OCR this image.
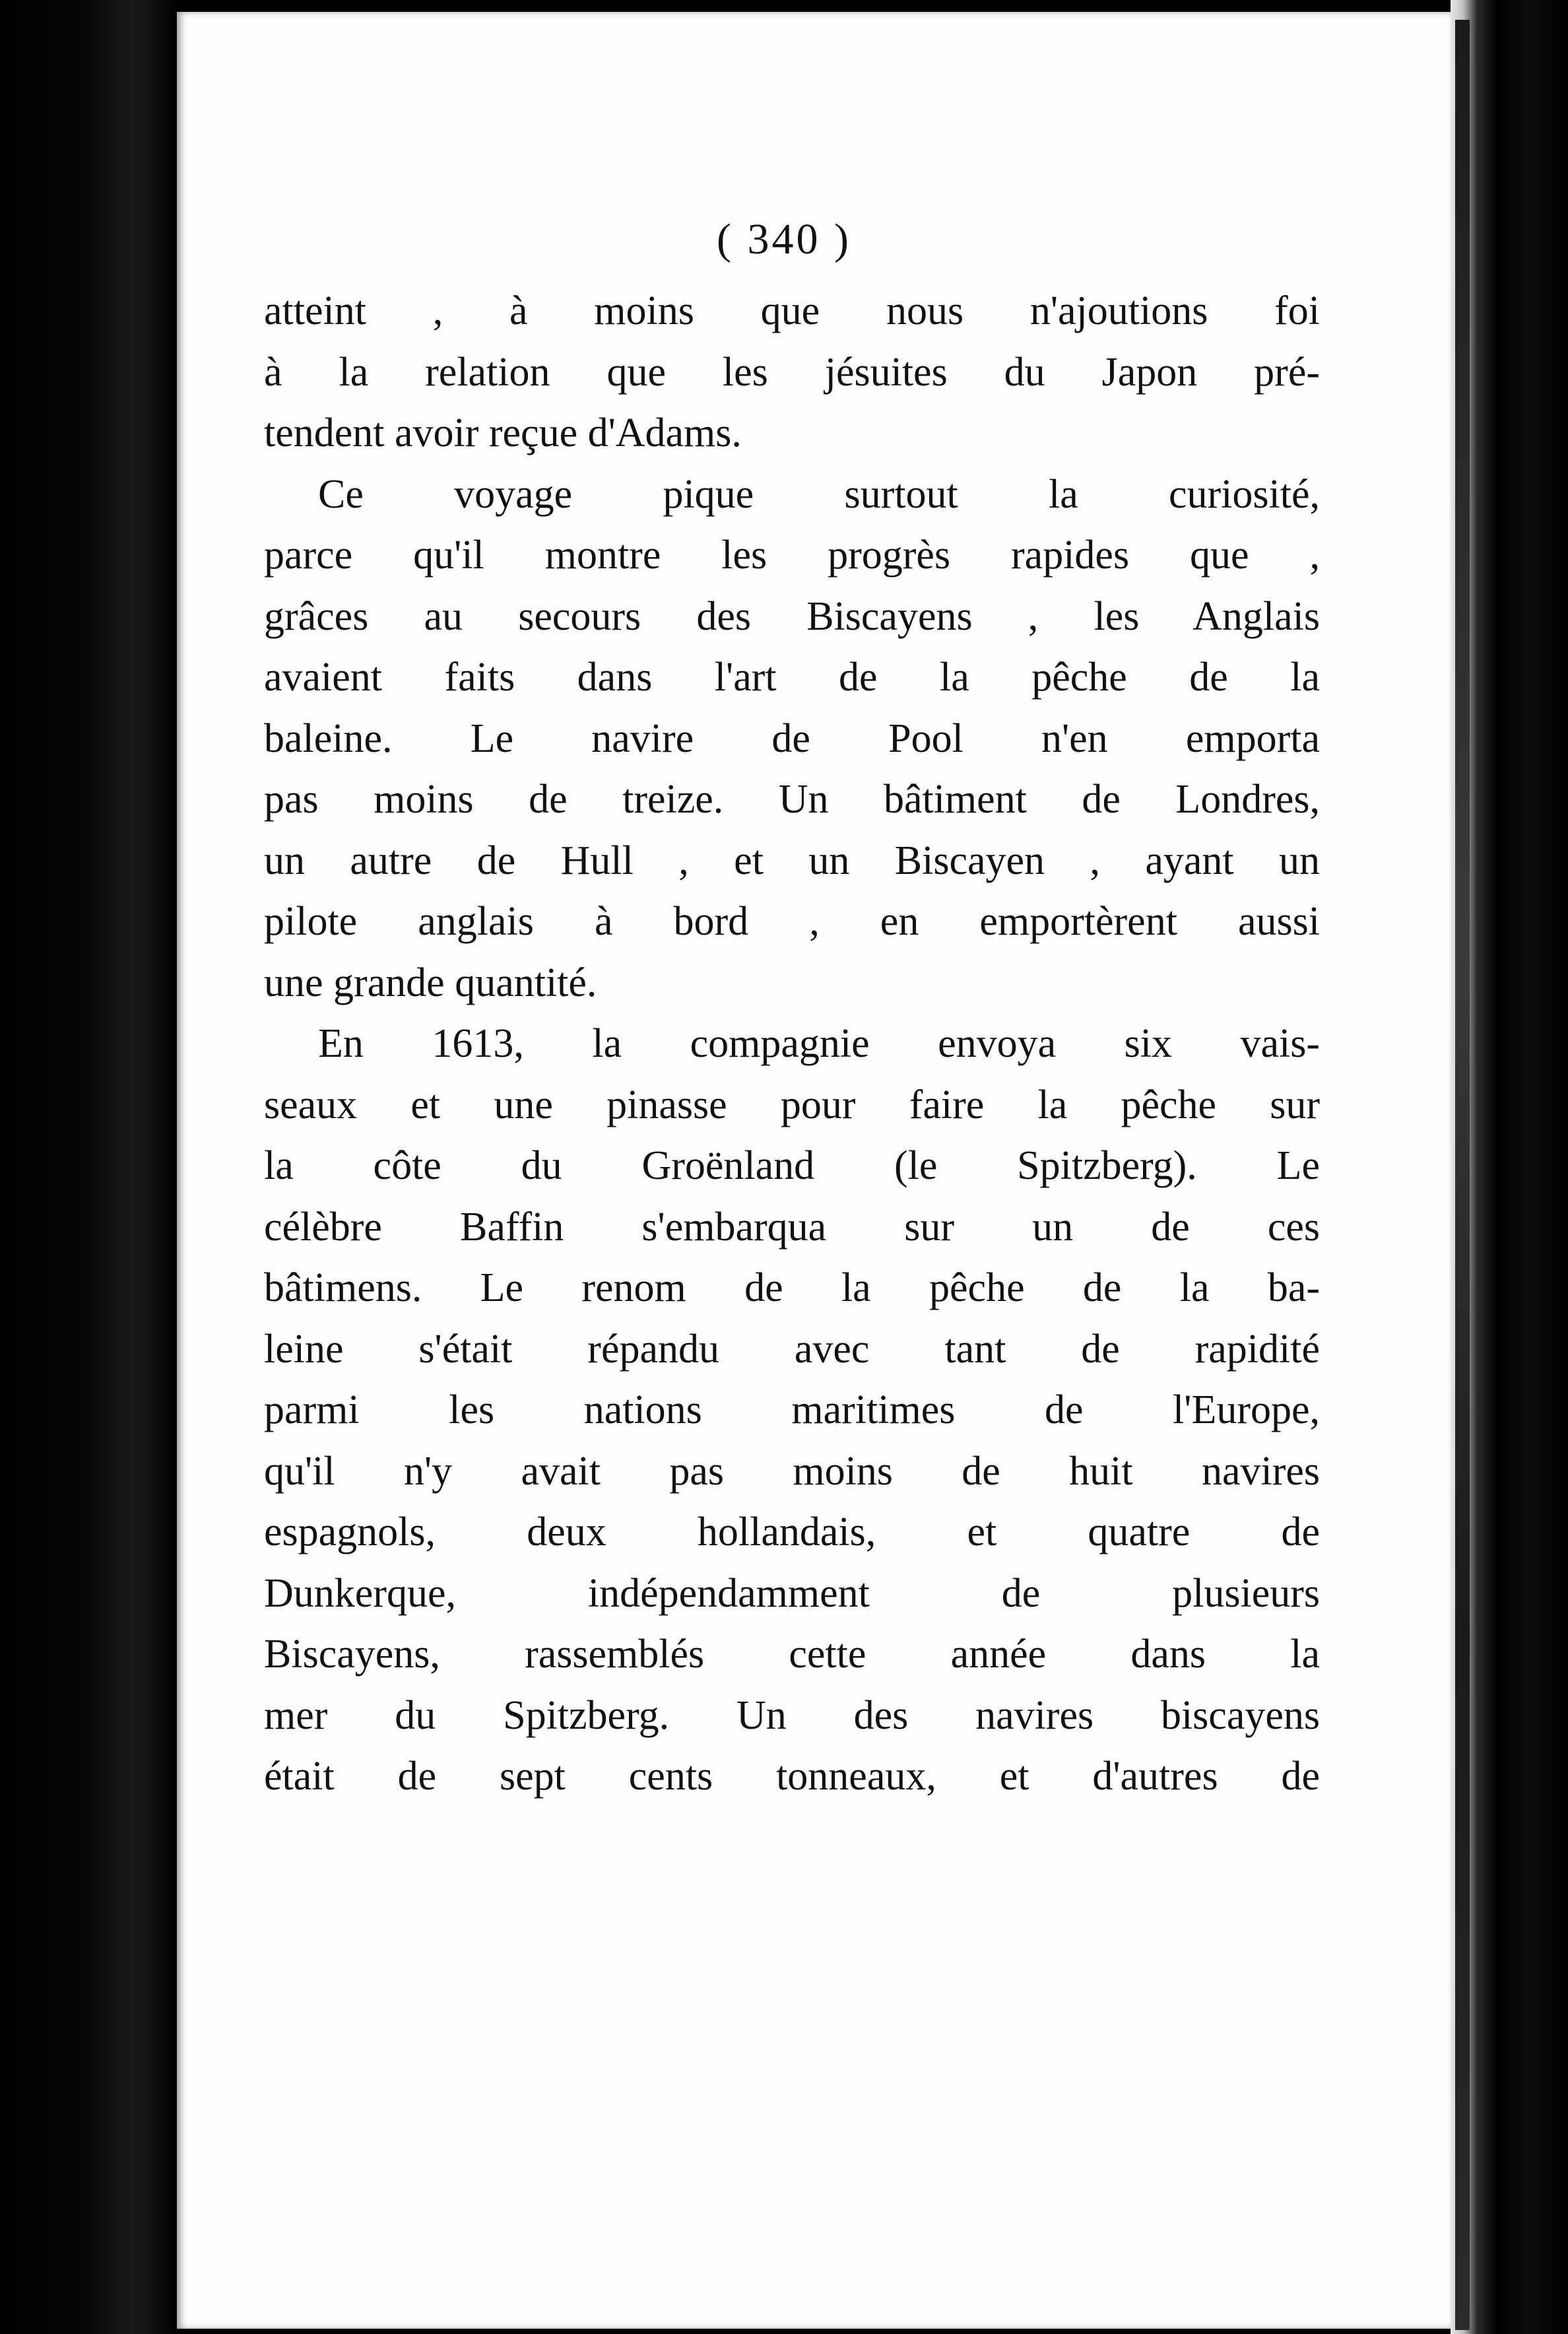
( 340 )
atteint , à moins que nous n'ajoutions foi
à la relation que les jésuites du Japon pré-
tendent avoir reçue d'Adams.
Ce voyage pique surtout la curiosité,
parce qu'il montre les progrès rapides que ,
grâces au secours des Biscayens , les Anglais
avaient faits dans l'art de la pêche de la
baleine. Le navire de Pool n'en emporta
pas moins de treize. Un bâtiment de Londres,
un autre de Hull , et un Biscayen , ayant un
pilote anglais à bord , en emportèrent aussi
une grande quantité.
En 1613, la compagnie envoya six vais-
seaux et une pinasse pour faire la pêche sur
la côte du Groënland (le Spitzberg). Le
célèbre Baffin s'embarqua sur un de ces
bâtimens. Le renom de la pêche de la ba-
leine s'était répandu avec tant de rapidité
parmi les nations maritimes de l'Europe,
qu'il n'y avait pas moins de huit navires
espagnols, deux hollandais, et quatre de
Dunkerque, indépendamment de plusieurs
Biscayens, rassemblés cette année dans la
mer du Spitzberg. Un des navires biscayens
était de sept cents tonneaux, et d'autres de
